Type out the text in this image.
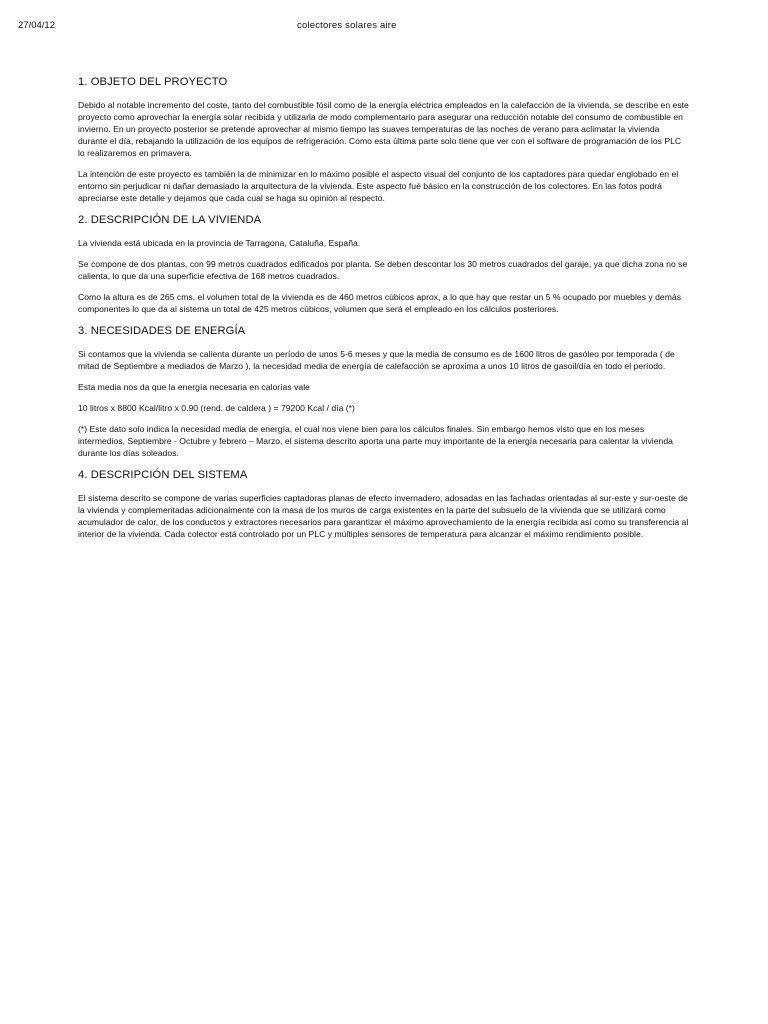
27/04/12	colectores solares aire
1. OBJETO DEL PROYECTO

Debido al notable incremento del coste, tanto del combustible fósil como de la energía eléctrica empleados en la calefacción de la vivienda, se describe en este proyecto como aprovechar la energía solar recibida y utilizarla de modo complementario para asegurar una reducción notable del consumo de combustible en invierno. En un proyecto posterior se pretende aprovechar al mismo tiempo las suaves temperaturas de las noches de verano para aclimatar la vivienda durante el día, rebajando la utilización de los equipos de refrigeración. Como esta última parte solo tiene que ver con el software de programación de los PLC lo realizaremos en primavera.

La intención de este proyecto es también la de minimizar en lo máximo posible el aspecto visual del conjunto de los captadores para quedar englobado en el entorno sin perjudicar ni dañar demasiado la arquitectura de la vivienda. Este aspecto fué básico en la construcción de los colectores. En las fotos podrá apreciarse este detalle y dejamos que cada cual se haga su opinión al respecto.

2. DESCRIPCIÓN DE LA VIVIENDA

La vivienda está ubicada en la provincia de Tarragona, Cataluña, España.

Se compone de dos plantas, con 99 metros cuadrados edificados por planta. Se deben descontar los 30 metros cuadrados del garaje, ya que dicha zona no se calienta, lo que da una superficie efectiva de 168 metros cuadrados.

Como la altura es de 265 cms, el volumen total de la vivienda es de 460 metros cúbicos aprox, a lo que hay que restar un 5 % ocupado por muebles y demás componentes lo que da al sistema un total de 425 metros cúbicos, volumen que será el empleado en los cálculos posteriores.

3. NECESIDADES DE ENERGÍA

Si contamos que la vivienda se calienta durante un período de unos 5-6 meses y que la media de consumo es de 1600 litros de gasóleo por temporada ( de mitad de Septiembre a mediados de Marzo ), la necesidad media de energía de calefacción se aproxima a unos 10 litros de gasoil/día en todo el período.

Esta media nos da que la energía necesaria en calorías vale

10 litros x 8800 Kcal/litro x 0.90 (rend. de caldera ) = 79200 Kcal / día (*)

(*) Este dato solo indica la necesidad media de energía, el cual nos viene bien para los cálculos finales. Sin embargo hemos visto que en los meses intermedios, Septiembre - Octubre y febrero – Marzo, el sistema descrito aporta una parte muy importante de la energía necesaria para calentar la vivienda durante los días soleados.

4. DESCRIPCIÓN DEL SISTEMA

El sistema descrito se compone de varias superficies captadoras planas de efecto invernadero, adosadas en las fachadas orientadas al sur-este y sur-oeste de la vivienda y complementadas adicionalmente con la masa de los muros de carga existentes en la parte del subsuelo de la vivienda que se utilizará como acumulador de calor, de los conductos y extractores necesarios para garantizar el máximo aprovechamiento de la energía recibida así como su transferencia al interior de la vivienda. Cada colector está controlado por un PLC y múltiples sensores de temperatura para alcanzar el máximo rendimiento posible.
